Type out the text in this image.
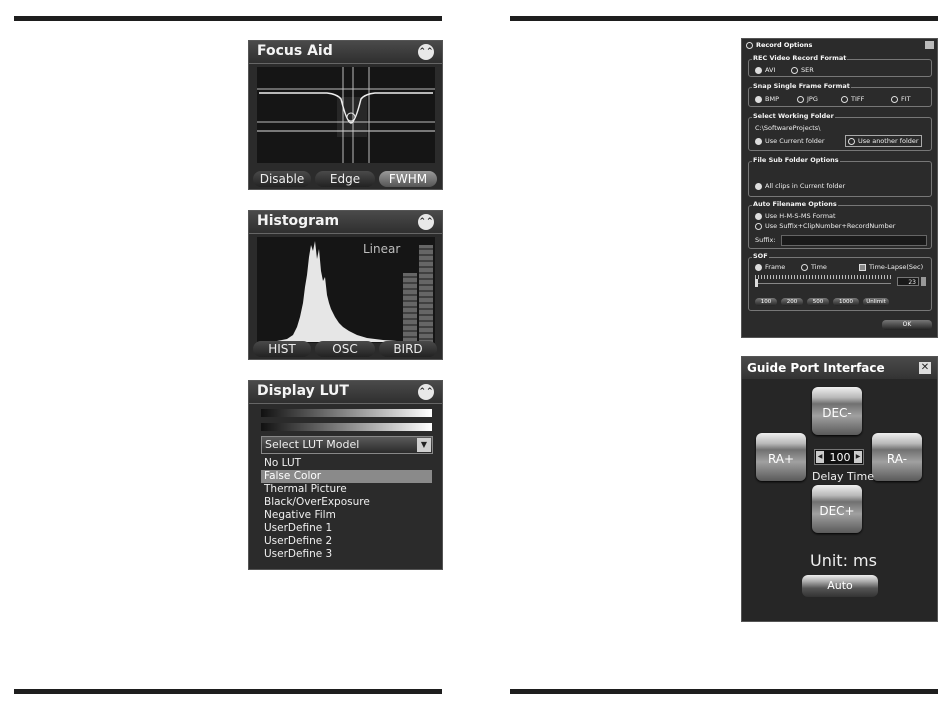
Focus Aid	⌃⌃
Disable	Edge	FWHM
Histogram	⌃⌃
Linear
HIST	OSC	BIRD
Display LUT	⌃⌃
Select LUT Model	▼
No LUT
False Color
Thermal Picture
Black/OverExposure
Negative Film
UserDefine 1
UserDefine 2
UserDefine 3
Record Options
REC Video Record Format
AVI	SER
Snap Single Frame Format
BMP	JPG	TIFF	FIT
Select Working Folder
C:\SoftwareProjects\
Use Current folder	Use another folder
File Sub Folder Options
All clips in Current folder
Auto Filename Options
Use H-M-S-MS Format
Use Suffix+ClipNumber+RecordNumber
Suffix:
SOF
Frame	Time	Time-Lapse(Sec)
23
100	200	500	1000	Unlimit
OK
Guide Port Interface	✕
DEC-
RA+	RA-
◀ 100 ▶
Delay Time
DEC+
Unit: ms
Auto
